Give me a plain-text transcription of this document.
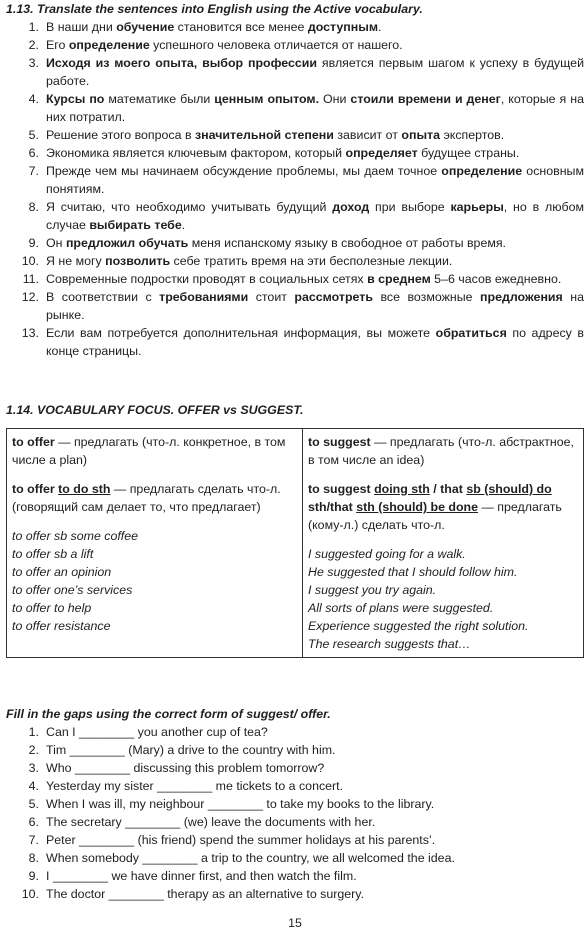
1.13. Translate the sentences into English using the Active vocabulary.

1. В наши дни обучение становится все менее доступным.
2. Его определение успешного человека отличается от нашего.
3. Исходя из моего опыта, выбор профессии является первым шагом к успеху в будущей работе.
4. Курсы по математике были ценным опытом. Они стоили времени и денег, которые я на них потратил.
5. Решение этого вопроса в значительной степени зависит от опыта экспертов.
6. Экономика является ключевым фактором, который определяет будущее страны.
7. Прежде чем мы начинаем обсуждение проблемы, мы даем точное определение основным понятиям.
8. Я считаю, что необходимо учитывать будущий доход при выборе карьеры, но в любом случае выбирать тебе.
9. Он предложил обучать меня испанскому языку в свободное от работы время.
10. Я не могу позволить себе тратить время на эти бесполезные лекции.
11. Современные подростки проводят в социальных сетях в среднем 5–6 часов ежедневно.
12. В соответствии с требованиями стоит рассмотреть все возможные предложения на рынке.
13. Если вам потребуется дополнительная информация, вы можете обратиться по адресу в конце страницы.

1.14. VOCABULARY FOCUS. OFFER vs SUGGEST.

to offer — предлагать (что-л. конкретное, в том числе a plan)
to offer to do sth — предлагать сделать что-л. (говорящий сам делает то, что предлагает)
to offer sb some coffee
to offer sb a lift
to offer an opinion
to offer one’s services
to offer to help
to offer resistance

to suggest — предлагать (что-л. абстрактное, в том числе an idea)
to suggest doing sth / that sb (should) do sth/that sth (should) be done — предлагать (кому-л.) сделать что-л.
I suggested going for a walk.
He suggested that I should follow him.
I suggest you try again.
All sorts of plans were suggested.
Experience suggested the right solution.
The research suggests that…

Fill in the gaps using the correct form of suggest/ offer.

1. Can I ________ you another cup of tea?
2. Tim ________ (Mary) a drive to the country with him.
3. Who ________ discussing this problem tomorrow?
4. Yesterday my sister ________ me tickets to a concert.
5. When I was ill, my neighbour ________ to take my books to the library.
6. The secretary ________ (we) leave the documents with her.
7. Peter ________ (his friend) spend the summer holidays at his parents’.
8. When somebody ________ a trip to the country, we all welcomed the idea.
9. I ________ we have dinner first, and then watch the film.
10. The doctor ________ therapy as an alternative to surgery.
15
